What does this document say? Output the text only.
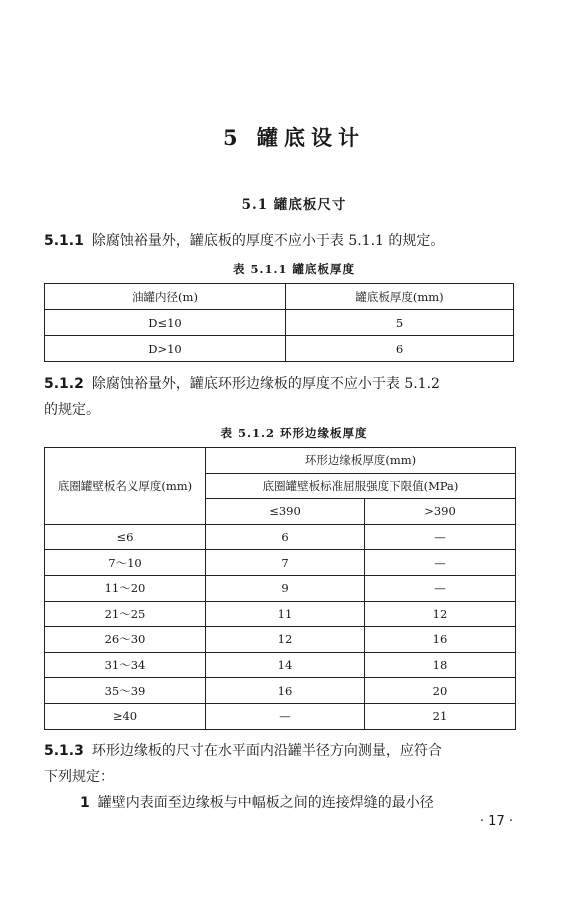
5 罐底设计
5.1 罐底板尺寸
5.1.1 除腐蚀裕量外，罐底板的厚度不应小于表 5.1.1 的规定。
表 5.1.1 罐底板厚度
油罐内径(m)	罐底板厚度(mm)
D≤10	5
D>10	6
5.1.2 除腐蚀裕量外，罐底环形边缘板的厚度不应小于表 5.1.2
的规定。
表 5.1.2 环形边缘板厚度
底圈罐壁板名义厚度(mm)	环形边缘板厚度(mm)	
	底圈罐壁板标准屈服强度下限值(MPa)	
	≤390	>390
≤6	6	—
7～10	7	—
11～20	9	—
21～25	11	12
26～30	12	16
31～34	14	18
35～39	16	20
≥40	—	21
5.1.3 环形边缘板的尺寸在水平面内沿罐半径方向测量，应符合
下列规定：
1 罐壁内表面至边缘板与中幅板之间的连接焊缝的最小径
· 17 ·
